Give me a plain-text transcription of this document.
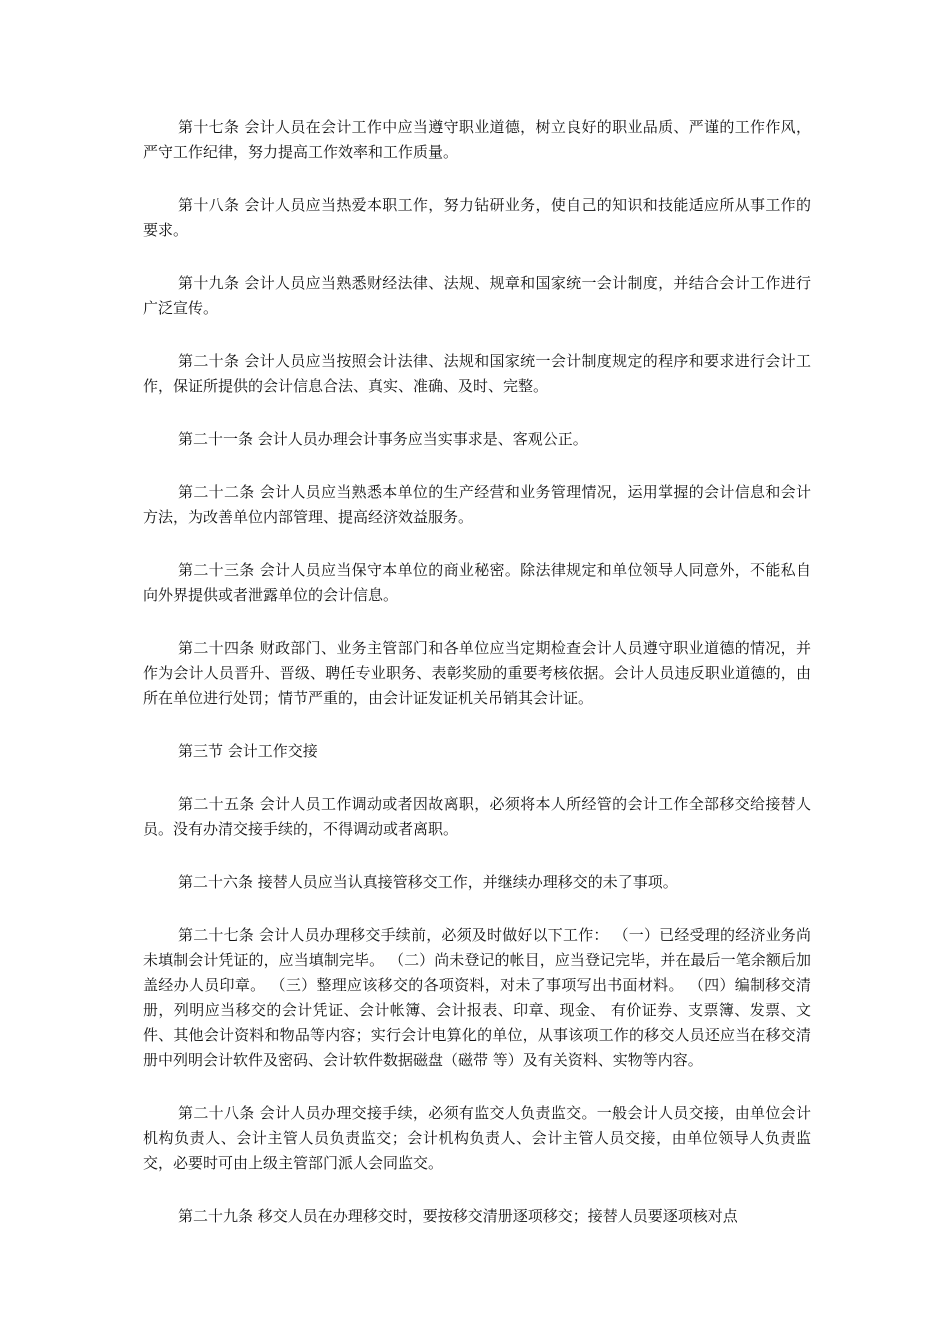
第十七条 会计人员在会计工作中应当遵守职业道德，树立良好的职业品质、严谨的工作作风，严守工作纪律，努力提高工作效率和工作质量。

第十八条 会计人员应当热爱本职工作，努力钻研业务，使自己的知识和技能适应所从事工作的要求。

第十九条 会计人员应当熟悉财经法律、法规、规章和国家统一会计制度，并结合会计工作进行广泛宣传。

第二十条 会计人员应当按照会计法律、法规和国家统一会计制度规定的程序和要求进行会计工作，保证所提供的会计信息合法、真实、准确、及时、完整。

第二十一条 会计人员办理会计事务应当实事求是、客观公正。

第二十二条 会计人员应当熟悉本单位的生产经营和业务管理情况，运用掌握的会计信息和会计方法，为改善单位内部管理、提高经济效益服务。

第二十三条 会计人员应当保守本单位的商业秘密。除法律规定和单位领导人同意外，不能私自向外界提供或者泄露单位的会计信息。

第二十四条 财政部门、业务主管部门和各单位应当定期检查会计人员遵守职业道德的情况，并作为会计人员晋升、晋级、聘任专业职务、表彰奖励的重要考核依据。会计人员违反职业道德的，由所在单位进行处罚；情节严重的，由会计证发证机关吊销其会计证。

第三节 会计工作交接

第二十五条 会计人员工作调动或者因故离职，必须将本人所经管的会计工作全部移交给接替人员。没有办清交接手续的，不得调动或者离职。

第二十六条 接替人员应当认真接管移交工作，并继续办理移交的未了事项。

第二十七条 会计人员办理移交手续前，必须及时做好以下工作： （一）已经受理的经济业务尚未填制会计凭证的，应当填制完毕。 （二）尚未登记的帐目，应当登记完毕，并在最后一笔余额后加盖经办人员印章。 （三）整理应该移交的各项资料，对未了事项写出书面材料。 （四）编制移交清册，列明应当移交的会计凭证、会计帐簿、会计报表、印章、现金、 有价证券、支票簿、发票、文件、其他会计资料和物品等内容；实行会计电算化的单位，从事该项工作的移交人员还应当在移交清册中列明会计软件及密码、会计软件数据磁盘（磁带 等）及有关资料、实物等内容。

第二十八条 会计人员办理交接手续，必须有监交人负责监交。一般会计人员交接，由单位会计机构负责人、会计主管人员负责监交；会计机构负责人、会计主管人员交接，由单位领导人负责监交，必要时可由上级主管部门派人会同监交。

第二十九条 移交人员在办理移交时，要按移交清册逐项移交；接替人员要逐项核对点
